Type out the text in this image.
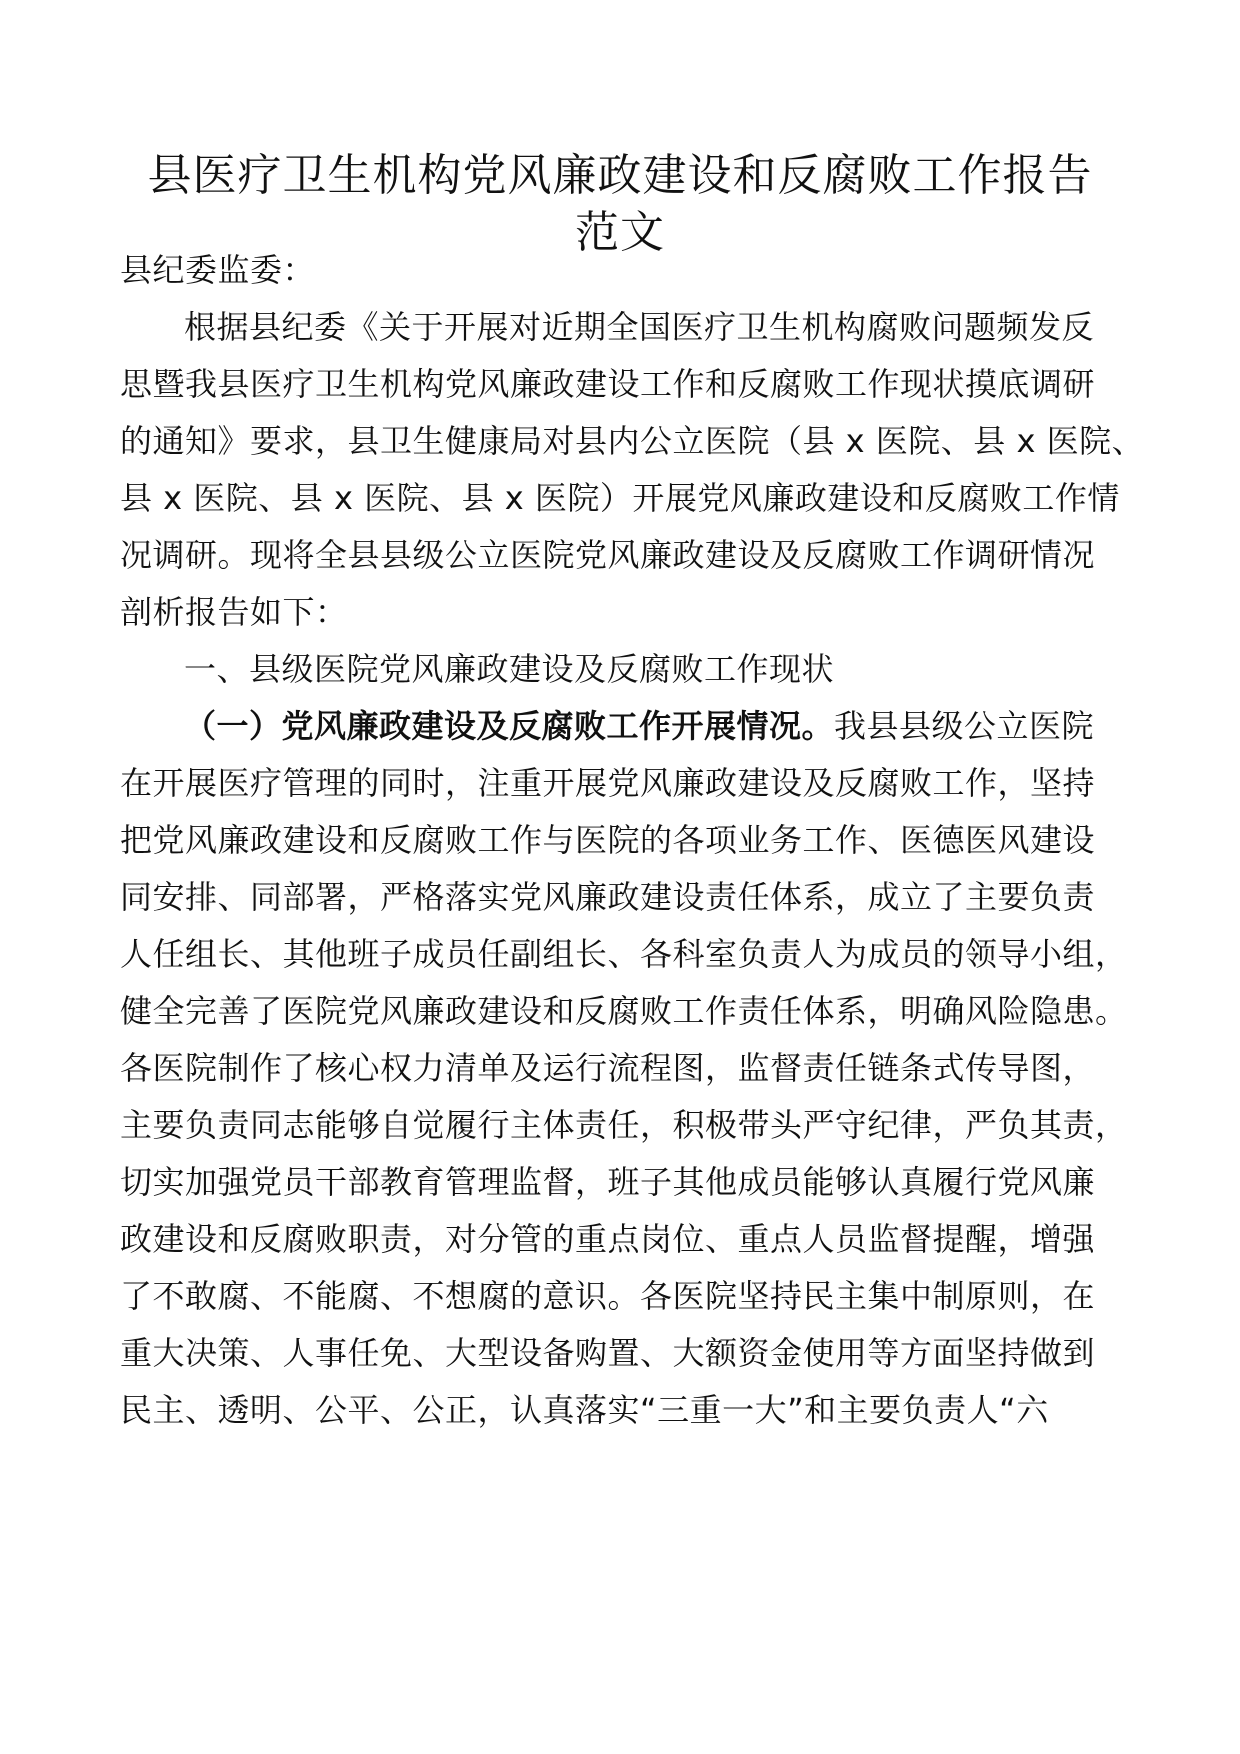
县医疗卫生机构党风廉政建设和反腐败工作报告
范文
县纪委监委：
根据县纪委《关于开展对近期全国医疗卫生机构腐败问题频发反
思暨我县医疗卫生机构党风廉政建设工作和反腐败工作现状摸底调研
的通知》要求，县卫生健康局对县内公立医院（县 x 医院、县 x 医院、
县 x 医院、县 x 医院、县 x 医院）开展党风廉政建设和反腐败工作情
况调研。现将全县县级公立医院党风廉政建设及反腐败工作调研情况
剖析报告如下：
一、县级医院党风廉政建设及反腐败工作现状
（一）党风廉政建设及反腐败工作开展情况。我县县级公立医院
在开展医疗管理的同时，注重开展党风廉政建设及反腐败工作，坚持
把党风廉政建设和反腐败工作与医院的各项业务工作、医德医风建设
同安排、同部署，严格落实党风廉政建设责任体系，成立了主要负责
人任组长、其他班子成员任副组长、各科室负责人为成员的领导小组，
健全完善了医院党风廉政建设和反腐败工作责任体系，明确风险隐患。
各医院制作了核心权力清单及运行流程图，监督责任链条式传导图，
主要负责同志能够自觉履行主体责任，积极带头严守纪律，严负其责，
切实加强党员干部教育管理监督，班子其他成员能够认真履行党风廉
政建设和反腐败职责，对分管的重点岗位、重点人员监督提醒，增强
了不敢腐、不能腐、不想腐的意识。各医院坚持民主集中制原则，在
重大决策、人事任免、大型设备购置、大额资金使用等方面坚持做到
民主、透明、公平、公正，认真落实“三重一大”和主要负责人“六
